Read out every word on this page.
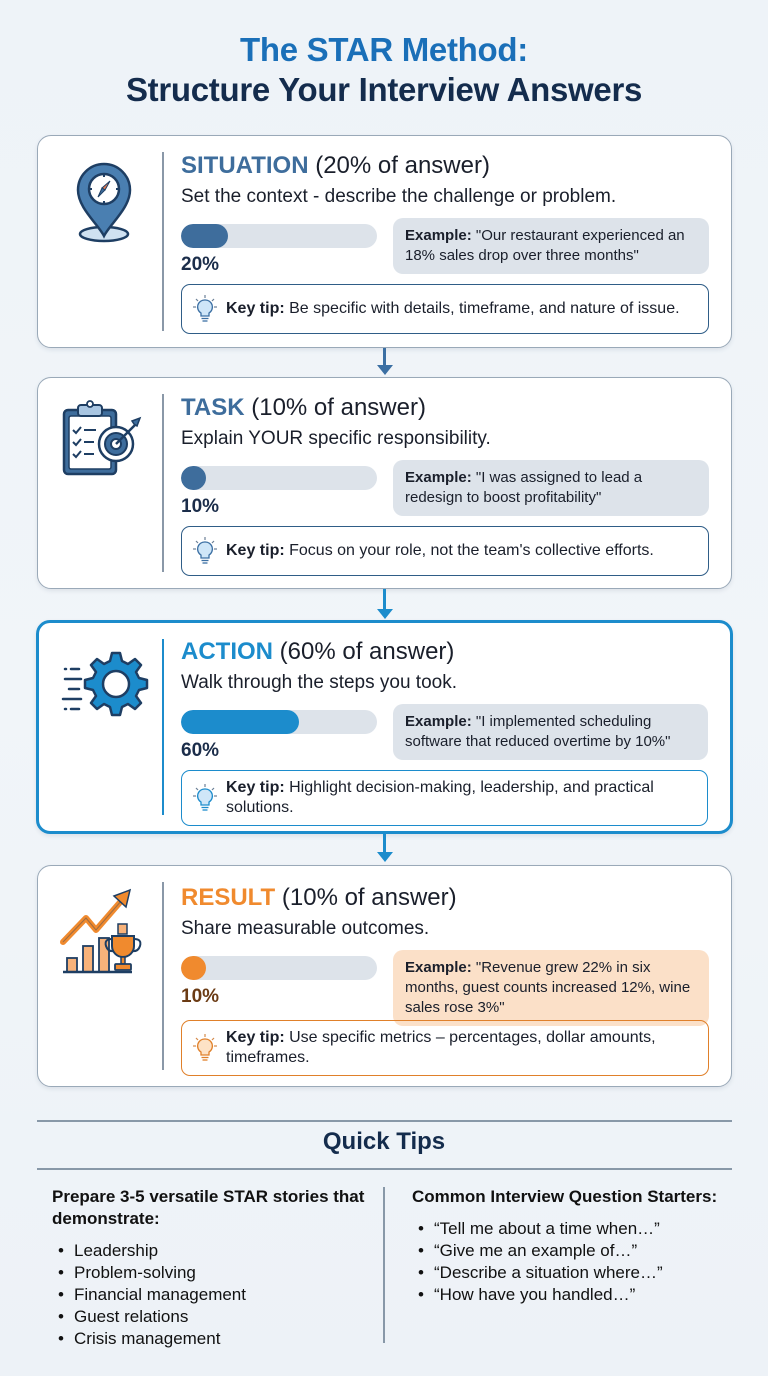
The STAR Method:
Structure Your Interview Answers
SITUATION (20% of answer)
Set the context - describe the challenge or problem.
20%
Example: "Our restaurant experienced an 18% sales drop over three months"
Key tip: Be specific with details, timeframe, and nature of issue.
TASK (10% of answer)
Explain YOUR specific responsibility.
10%
Example: "I was assigned to lead a redesign to boost profitability"
Key tip: Focus on your role, not the team's collective efforts.
ACTION (60% of answer)
Walk through the steps you took.
60%
Example: "I implemented scheduling software that reduced overtime by 10%"
Key tip: Highlight decision-making, leadership, and practical solutions.
RESULT (10% of answer)
Share measurable outcomes.
10%
Example: "Revenue grew 22% in six months, guest counts increased 12%, wine sales rose 3%"
Key tip: Use specific metrics – percentages, dollar amounts, timeframes.
Quick Tips
Prepare 3-5 versatile STAR stories that demonstrate:
• Leadership
• Problem-solving
• Financial management
• Guest relations
• Crisis management
Common Interview Question Starters:
• “Tell me about a time when…”
• “Give me an example of…”
• “Describe a situation where…”
• “How have you handled…”
